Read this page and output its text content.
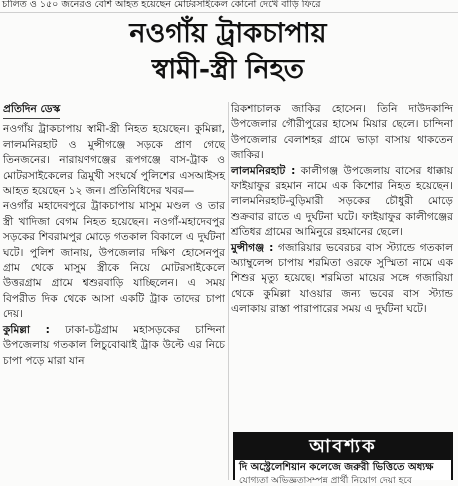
চালিত ও ১৫০ জনেরও বেশি আহত হয়েছেন মোটরসাইকেল কোনো দেখে বাড়ি ফিরে
নওগাঁয় ট্রাকচাপায়
স্বামী-স্ত্রী নিহত
প্রতিদিন ডেস্ক

নওগাঁয় ট্রাকচাপায় স্বামী-স্ত্রী নিহত হয়েছেন। কুমিল্লা, লালমনিরহাট ও মুন্সীগঞ্জে সড়কে প্রাণ গেছে তিনজনের। নারায়ণগঞ্জের রূপগঞ্জে বাস-ট্রাক ও মোটরসাইকেলের ত্রিমুখী সংঘর্ষে পুলিশের এসআইসহ আহত হয়েছেন ১২ জন। প্রতিনিধিদের খবর—

নওগাঁর মহাদেবপুরে ট্রাকচাপায় মাসুম মণ্ডল ও তার স্ত্রী খাদিজা বেগম নিহত হয়েছেন। নওগাঁ-মহাদেবপুর সড়কের শিবরামপুর মোড়ে গতকাল বিকালে এ দুর্ঘটনা ঘটে। পুলিশ জানায়, উপজেলার দক্ষিণ হোসেনপুর গ্রাম থেকে মাসুম স্ত্রীকে নিয়ে মোটরসাইকেলে উত্তরগ্রাম গ্রামে শ্বশুরবাড়ি যাচ্ছিলেন। এ সময় বিপরীত দিক থেকে আসা একটি ট্রাক তাদের চাপা দেয়।

কুমিল্লা : ঢাকা-চট্টগ্রাম মহাসড়কের চান্দিনা উপজেলায় গতকাল লিচুবোঝাই ট্রাক উল্টে এর নিচে চাপা পড়ে মারা যান

রিকশাচালক জাকির হোসেন। তিনি দাউদকান্দি উপজেলার গৌরীপুরের হাসেম মিয়ার ছেলে। চান্দিনা উপজেলার বেলাশহর গ্রামে ভাড়া বাসায় থাকতেন জাকির।

লালমনিরহাট : কালীগঞ্জ উপজেলায় বাসের ধাক্কায় ফাইয়াফুর রহমান নামে এক কিশোর নিহত হয়েছেন। লালমনিরহাট-বুড়িমারী সড়কের চৌধুরী মোড়ে শুক্রবার রাতে এ দুর্ঘটনা ঘটে। ফাইয়াফুর কালীগঞ্জের শ্রতিধর গ্রামের আমিনুরে রহমানের ছেলে।

মুন্সীগঞ্জ : গজারিয়ার ভবেরচর বাস স্ট্যান্ডে গতকাল অ্যাম্বুলেন্স চাপায় শরমিতা ওরফে সুস্মিতা নামে এক শিশুর মৃত্যু হয়েছে। শরমিতা মায়ের সঙ্গে গজারিয়া থেকে কুমিল্লা যাওয়ার জন্য ভবের বাস স্ট্যান্ড এলাকায় রাস্তা পারাপারের সময় এ দুর্ঘটনা ঘটে।

আবশ্যক
দি অস্ট্রেলেশিয়ান কলেজে জরুরী ভিত্তিতে অধ্যক্ষ
যোগ্যতা অভিজ্ঞতাসম্পন্ন প্রার্থী নিয়োগ দেয়া হবে
